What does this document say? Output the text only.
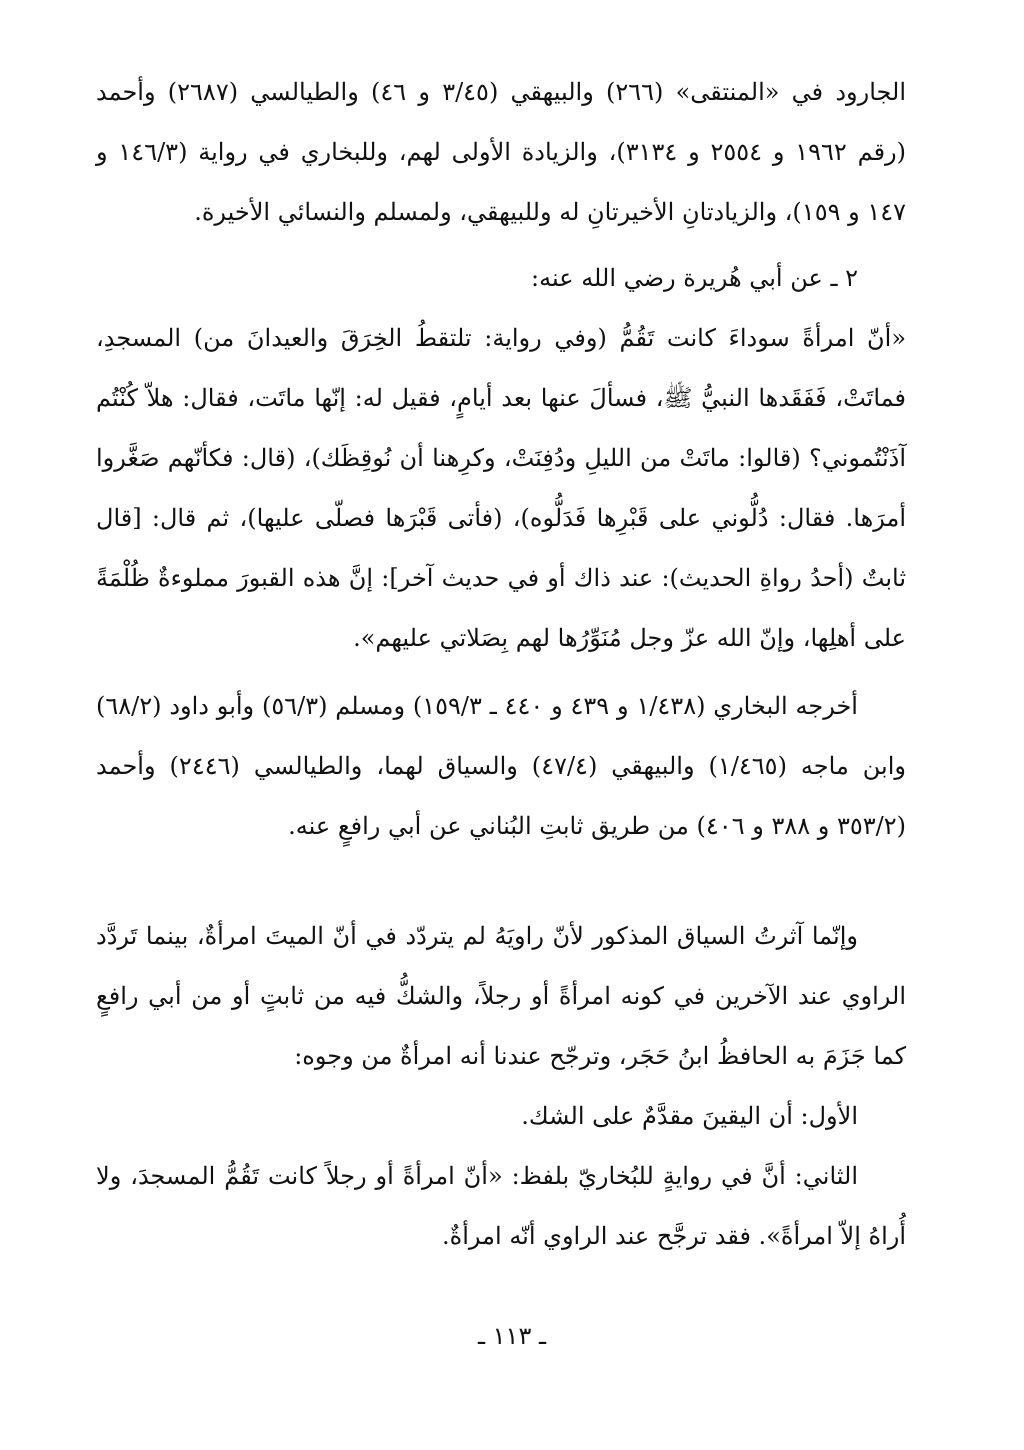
الجارود في «المنتقى» (٢٦٦) والبيهقي (٣/٤٥ و ٤٦) والطيالسي (٢٦٨٧) وأحمد (رقم ١٩٦٢ و ٢٥٥٤ و ٣١٣٤)، والزيادة الأولى لهم، وللبخاري في رواية (١٤٦/٣ و ١٤٧ و ١٥٩)، والزيادتانِ الأخيرتانِ له وللبيهقي، ولمسلم والنسائي الأخيرة.

٢ ـ عن أبي هُريرة رضي الله عنه:

«أنّ امرأةً سوداءَ كانت تَقُمُّ (وفي رواية: تلتقطُ الخِرَقَ والعيدانَ من) المسجدِ، فماتَتْ، فَفَقَدها النبيُّ ﷺ، فسألَ عنها بعد أيامٍ، فقيل له: إنّها ماتَت، فقال: هلاّ كُنْتُم آذَنْتُموني؟ (قالوا: ماتَتْ من الليلِ ودُفِنَتْ، وكرِهنا أن نُوقِظَك)، (قال: فكأنّهم صَغَّروا أمرَها. فقال: دُلُّوني على قَبْرِها فَدَلُّوه)، (فأتى قَبْرَها فصلّى عليها)، ثم قال: [قال ثابتٌ (أحدُ رواةِ الحديث): عند ذاك أو في حديث آخر]: إنَّ هذه القبورَ مملوءةٌ ظُلْمَةً على أهلِها، وإنّ الله عزّ وجل مُنَوِّرُها لهم بِصَلاتي عليهم».

أخرجه البخاري (١/٤٣٨ و ٤٣٩ و ٤٤٠ ـ ١٥٩/٣) ومسلم (٥٦/٣) وأبو داود (٦٨/٢) وابن ماجه (١/٤٦٥) والبيهقي (٤٧/٤) والسياق لهما، والطيالسي (٢٤٤٦) وأحمد (٣٥٣/٢ و ٣٨٨ و ٤٠٦) من طريق ثابتِ البُناني عن أبي رافعٍ عنه.

وإنّما آثرتُ السياق المذكور لأنّ راويَهُ لم يتردّد في أنّ الميتَ امرأةٌ، بينما تَردَّد الراوي عند الآخرين في كونه امرأةً أو رجلاً، والشكُّ فيه من ثابتٍ أو من أبي رافعٍ كما جَزَمَ به الحافظُ ابنُ حَجَر، وترجّح عندنا أنه امرأةٌ من وجوه:

الأول: أن اليقينَ مقدَّمٌ على الشك.

الثاني: أنَّ في روايةٍ للبُخاريّ بلفظ: «أنّ امرأةً أو رجلاً كانت تَقُمُّ المسجدَ، ولا أُراهُ إلاّ امرأةً». فقد ترجَّح عند الراوي أنّه امرأةٌ.

ـ ١١٣ ـ
